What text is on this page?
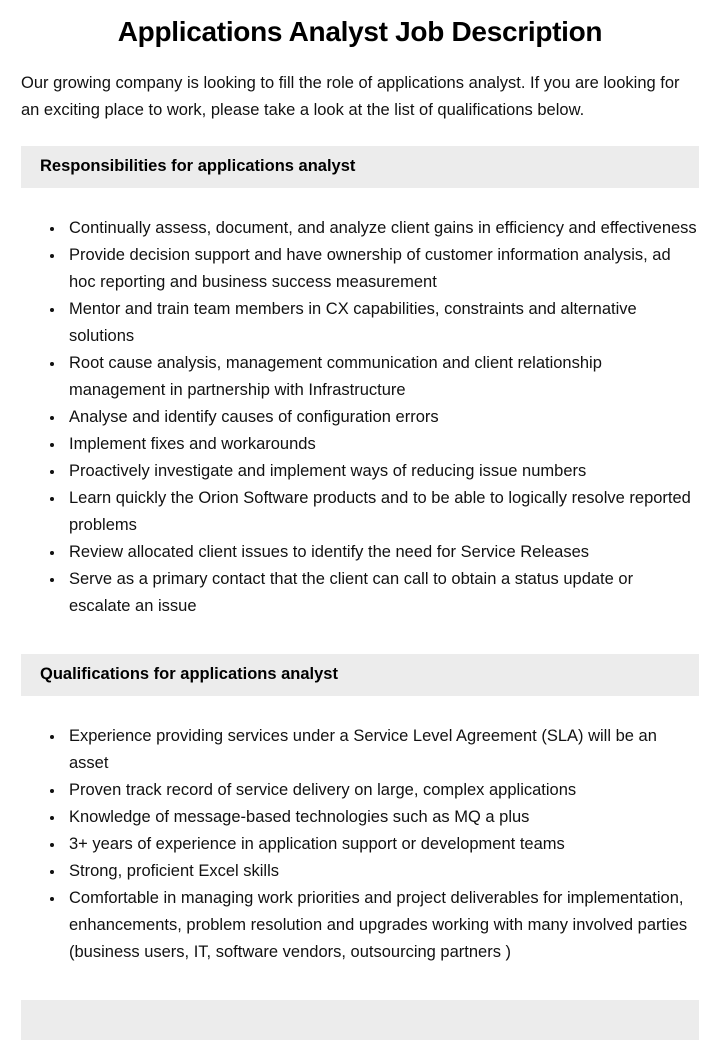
Applications Analyst Job Description

Our growing company is looking to fill the role of applications analyst. If you are looking for an exciting place to work, please take a look at the list of qualifications below.

Responsibilities for applications analyst
• Continually assess, document, and analyze client gains in efficiency and effectiveness
• Provide decision support and have ownership of customer information analysis, ad hoc reporting and business success measurement
• Mentor and train team members in CX capabilities, constraints and alternative solutions
• Root cause analysis, management communication and client relationship management in partnership with Infrastructure
• Analyse and identify causes of configuration errors
• Implement fixes and workarounds
• Proactively investigate and implement ways of reducing issue numbers
• Learn quickly the Orion Software products and to be able to logically resolve reported problems
• Review allocated client issues to identify the need for Service Releases
• Serve as a primary contact that the client can call to obtain a status update or escalate an issue
Qualifications for applications analyst
• Experience providing services under a Service Level Agreement (SLA) will be an asset
• Proven track record of service delivery on large, complex applications
• Knowledge of message-based technologies such as MQ a plus
• 3+ years of experience in application support or development teams
• Strong, proficient Excel skills
• Comfortable in managing work priorities and project deliverables for implementation, enhancements, problem resolution and upgrades working with many involved parties (business users, IT, software vendors, outsourcing partners )
